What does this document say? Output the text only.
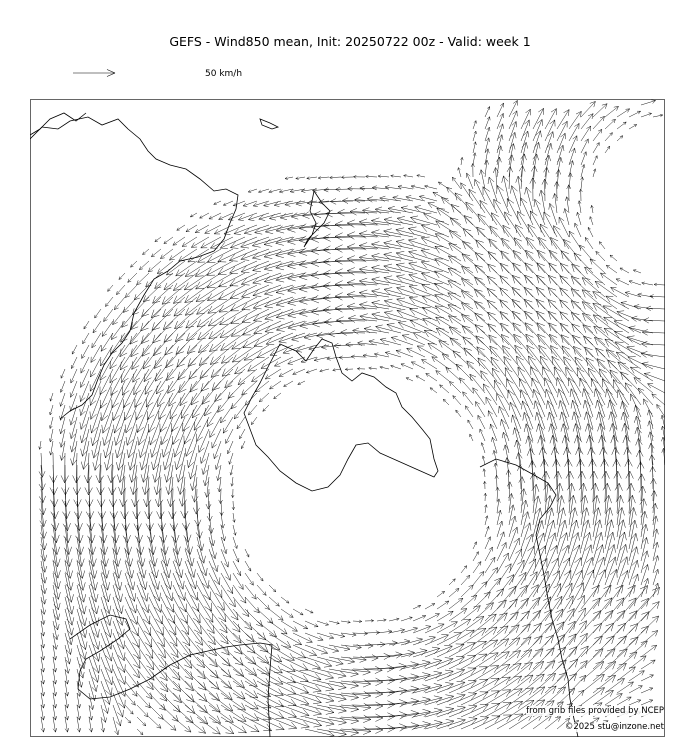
GEFS - Wind850 mean, Init: 20250722 00z - Valid: week 1
50 km/h
from grib files provided by NCEP
©2025 stu@inzone.net
